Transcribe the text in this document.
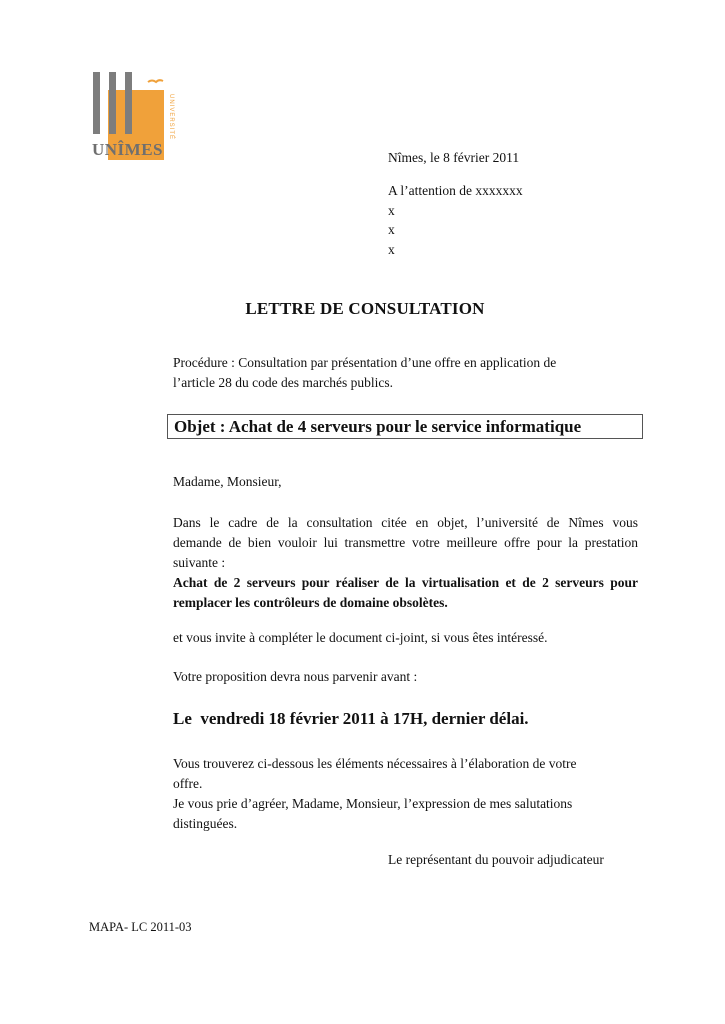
UNÎMES
UNIVERSITÉ
Nîmes, le 8 février 2011
A l’attention de xxxxxxx
x
x
x
LETTRE DE CONSULTATION
Procédure : Consultation par présentation d’une offre en application de
l’article 28 du code des marchés publics.
Objet : Achat de 4 serveurs pour le service informatique
Madame, Monsieur,
Dans le cadre de la consultation citée en objet, l’université de Nîmes vous
demande de bien vouloir lui transmettre votre meilleure offre pour la prestation
suivante :
Achat de 2 serveurs pour réaliser de la virtualisation et de 2 serveurs pour
remplacer les contrôleurs de domaine obsolètes.
et vous invite à compléter le document ci-joint, si vous êtes intéressé.
Votre proposition devra nous parvenir avant :
Le  vendredi 18 février 2011 à 17H, dernier délai.
Vous trouverez ci-dessous les éléments nécessaires à l’élaboration de votre
offre.
Je vous prie d’agréer, Madame, Monsieur, l’expression de mes salutations
distinguées.
Le représentant du pouvoir adjudicateur
MAPA- LC 2011-03
